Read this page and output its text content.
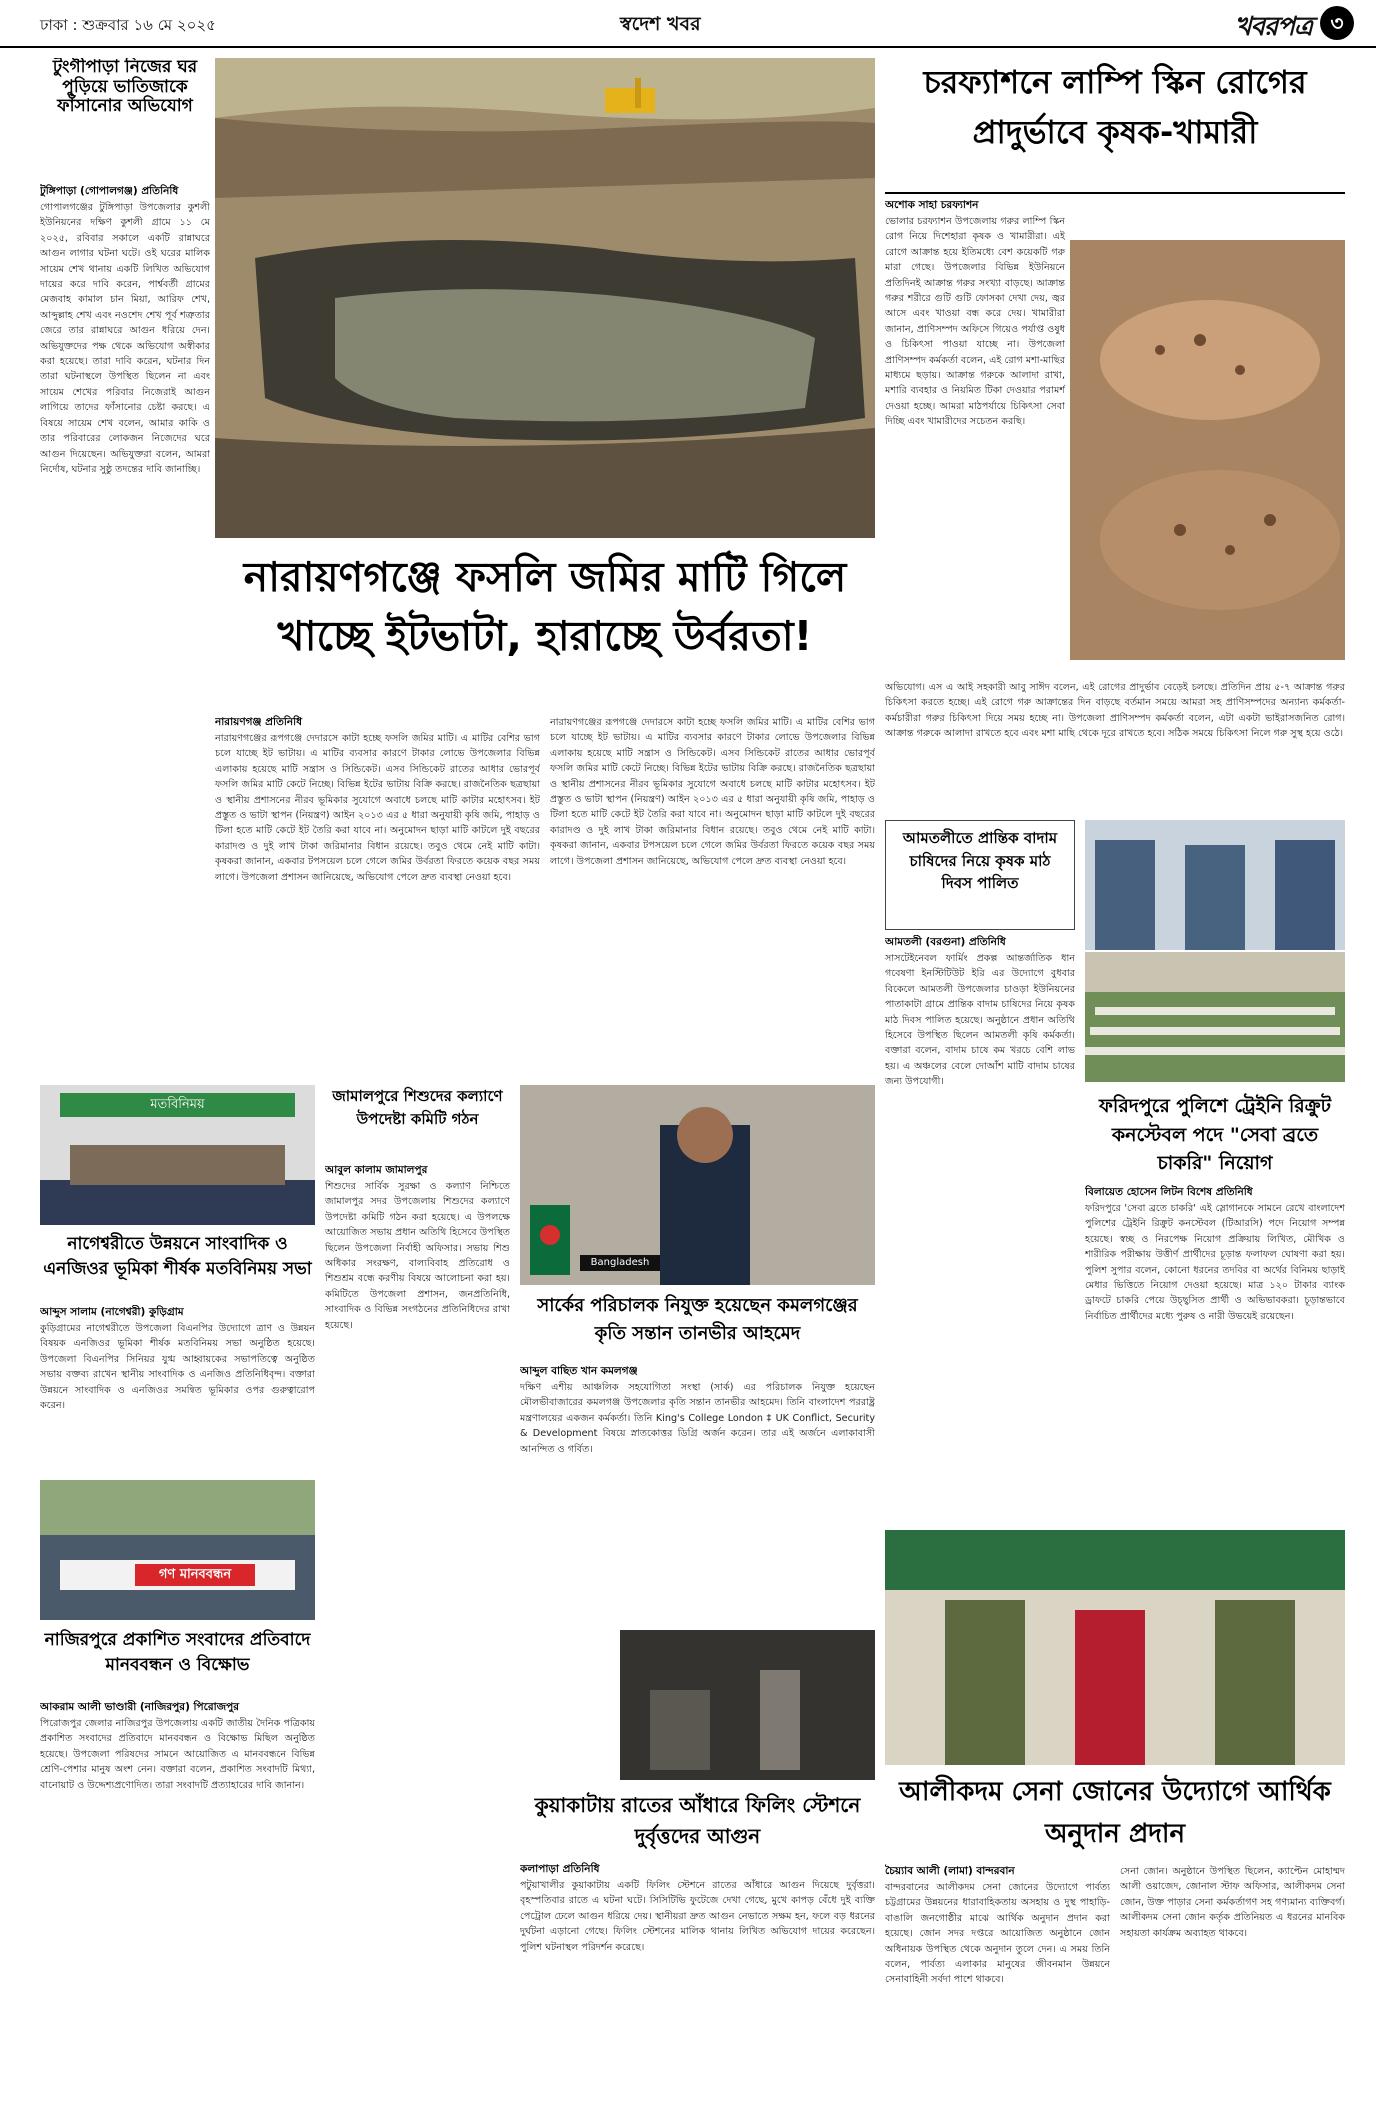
ঢাকা : শুক্রবার ১৬ মে ২০২৫	স্বদেশ খবর	খবরপত্র ৩
টুংগীপাড়া নিজের ঘর পুড়িয়ে ভাতিজাকে ফাঁসানোর অভিযোগ
টুঙ্গিপাড়া (গোপালগঞ্জ) প্রতিনিধি
গোপালগঞ্জের টুঙ্গিপাড়া উপজেলার কুশলী ইউনিয়নের দক্ষিণ কুশলী গ্রামে ১১ মে ২০২৫, রবিবার সকালে একটি রান্নাঘরে আগুন লাগার ঘটনা ঘটে। ওই ঘরের মালিক সায়েম শেখ থানায় একটি লিখিত অভিযোগ দায়ের করে দাবি করেন, পার্শ্ববর্তী গ্রামের মেজবাহ কামাল চান মিয়া, আরিফ শেখ, আব্দুল্লাহ শেখ এবং নওশেদ শেখ পূর্ব শত্রুতার জেরে তার রান্নাঘরে আগুন ধরিয়ে দেন। অভিযুক্তদের পক্ষ থেকে অভিযোগ অস্বীকার করা হয়েছে। তারা দাবি করেন, ঘটনার দিন তারা ঘটনাস্থলে উপস্থিত ছিলেন না এবং সায়েম শেখের পরিবার নিজেরাই আগুন লাগিয়ে তাদের ফাঁসানোর চেষ্টা করছে। এ বিষয়ে সায়েম শেখ বলেন, আমার কাকি ও তার পরিবারের লোকজন নিজেদের ঘরে আগুন দিয়েছেন। অভিযুক্তরা বলেন, আমরা নির্দোষ, ঘটনার সুষ্ঠু তদন্তের দাবি জানাচ্ছি।
নারায়ণগঞ্জে ফসলি জমির মাটি গিলে খাচ্ছে ইটভাটা, হারাচ্ছে উর্বরতা!
নারায়ণগঞ্জ প্রতিনিধি
নারায়ণগঞ্জের রূপগঞ্জে দেদারসে কাটা হচ্ছে ফসলি জমির মাটি। এ মাটির বেশির ভাগ চলে যাচ্ছে ইট ভাটায়। এ মাটির ব্যবসার কারণে টাকার লোভে উপজেলার বিভিন্ন এলাকায় হয়েছে মাটি সন্ত্রাস ও সিন্ডিকেট। এসব সিন্ডিকেট রাতের আধার ভোরপূর্ব ফসলি জমির মাটি কেটে নিচ্ছে। বিভিন্ন ইটের ভাটায় বিক্রি করছে। রাজনৈতিক ছত্রছায়া ও স্থানীয় প্রশাসনের নীরব ভূমিকার সুযোগে অবাধে চলছে মাটি কাটার মহোৎসব। ইট প্রস্তুত ও ভাটা স্থাপন (নিয়ন্ত্রণ) আইন ২০১৩ এর ৫ ধারা অনুযায়ী কৃষি জমি, পাহাড় ও টিলা হতে মাটি কেটে ইট তৈরি করা যাবে না। অনুমোদন ছাড়া মাটি কাটলে দুই বছরের কারাদণ্ড ও দুই লাখ টাকা জরিমানার বিধান রয়েছে। তবুও থেমে নেই মাটি কাটা। কৃষকরা জানান, একবার টপসয়েল চলে গেলে জমির উর্বরতা ফিরতে কয়েক বছর সময় লাগে। উপজেলা প্রশাসন জানিয়েছে, অভিযোগ পেলে দ্রুত ব্যবস্থা নেওয়া হবে।
নারায়ণগঞ্জের রূপগঞ্জে দেদারসে কাটা হচ্ছে ফসলি জমির মাটি। এ মাটির বেশির ভাগ চলে যাচ্ছে ইট ভাটায়। এ মাটির ব্যবসার কারণে টাকার লোভে উপজেলার বিভিন্ন এলাকায় হয়েছে মাটি সন্ত্রাস ও সিন্ডিকেট। এসব সিন্ডিকেট রাতের আধার ভোরপূর্ব ফসলি জমির মাটি কেটে নিচ্ছে। বিভিন্ন ইটের ভাটায় বিক্রি করছে। রাজনৈতিক ছত্রছায়া ও স্থানীয় প্রশাসনের নীরব ভূমিকার সুযোগে অবাধে চলছে মাটি কাটার মহোৎসব। ইট প্রস্তুত ও ভাটা স্থাপন (নিয়ন্ত্রণ) আইন ২০১৩ এর ৫ ধারা অনুযায়ী কৃষি জমি, পাহাড় ও টিলা হতে মাটি কেটে ইট তৈরি করা যাবে না। অনুমোদন ছাড়া মাটি কাটলে দুই বছরের কারাদণ্ড ও দুই লাখ টাকা জরিমানার বিধান রয়েছে। তবুও থেমে নেই মাটি কাটা। কৃষকরা জানান, একবার টপসয়েল চলে গেলে জমির উর্বরতা ফিরতে কয়েক বছর সময় লাগে। উপজেলা প্রশাসন জানিয়েছে, অভিযোগ পেলে দ্রুত ব্যবস্থা নেওয়া হবে।
চরফ্যাশনে লাম্পি স্কিন রোগের প্রাদুর্ভাবে কৃষক-খামারী
অশোক সাহা চরফ্যাশন
ভোলার চরফ্যাশন উপজেলায় গরুর লাম্পি স্কিন রোগ নিয়ে দিশেহারা কৃষক ও খামারীরা। এই রোগে আক্রান্ত হয়ে ইতিমধ্যে বেশ কয়েকটি গরু মারা গেছে। উপজেলার বিভিন্ন ইউনিয়নে প্রতিদিনই আক্রান্ত গরুর সংখ্যা বাড়ছে। আক্রান্ত গরুর শরীরে গুটি গুটি ফোসকা দেখা দেয়, জ্বর আসে এবং খাওয়া বন্ধ করে দেয়। খামারীরা জানান, প্রাণিসম্পদ অফিসে গিয়েও পর্যাপ্ত ওষুধ ও চিকিৎসা পাওয়া যাচ্ছে না। উপজেলা প্রাণিসম্পদ কর্মকর্তা বলেন, এই রোগ মশা-মাছির মাধ্যমে ছড়ায়। আক্রান্ত গরুকে আলাদা রাখা, মশারি ব্যবহার ও নিয়মিত টিকা দেওয়ার পরামর্শ দেওয়া হচ্ছে। আমরা মাঠপর্যায়ে চিকিৎসা সেবা দিচ্ছি এবং খামারীদের সচেতন করছি।
অভিযোগ। এস এ আই সহকারী আবু সাঈদ বলেন, এই রোগের প্রাদুর্ভাব বেড়েই চলছে। প্রতিদিন প্রায় ৫-৭ আক্রান্ত গরুর চিকিৎসা করতে হচ্ছে। এই রোগে গরু আক্রান্তের দিন বাড়ছে বর্তমান সময়ে আমরা সহ প্রাণিসম্পদের অন্যান্য কর্মকর্তা-কর্মচারীরা গরুর চিকিৎসা দিয়ে সময় হচ্ছে না। উপজেলা প্রাণিসম্পদ কর্মকর্তা বলেন, এটা একটা ভাইরাসজনিত রোগ। আক্রান্ত গরুকে আলাদা রাখতে হবে এবং মশা মাছি থেকে দূরে রাখতে হবে। সঠিক সময়ে চিকিৎসা নিলে গরু সুস্থ হয়ে ওঠে।
আমতলীতে প্রান্তিক বাদাম চাষিদের নিয়ে কৃষক মাঠ দিবস পালিত
আমতলী (বরগুনা) প্রতিনিধি
সাসটেইনেবল ফার্মিং প্রকল্প আন্তর্জাতিক ধান গবেষণা ইনস্টিটিউট ইরি এর উদ্যোগে বুধবার বিকেলে আমতলী উপজেলার চাওড়া ইউনিয়নের পাতাকাটা গ্রামে প্রান্তিক বাদাম চাষিদের নিয়ে কৃষক মাঠ দিবস পালিত হয়েছে। অনুষ্ঠানে প্রধান অতিথি হিসেবে উপস্থিত ছিলেন আমতলী কৃষি কর্মকর্তা। বক্তারা বলেন, বাদাম চাষে কম খরচে বেশি লাভ হয়। এ অঞ্চলের বেলে দোআঁশ মাটি বাদাম চাষের জন্য উপযোগী।
ফরিদপুরে পুলিশে ট্রেইনি রিক্রুট কনস্টেবল পদে "সেবা ব্রতে চাকরি" নিয়োগ
বিলায়েত হোসেন লিটন বিশেষ প্রতিনিধি
ফরিদপুরে 'সেবা ব্রতে চাকরি' এই স্লোগানকে সামনে রেখে বাংলাদেশ পুলিশের ট্রেইনি রিক্রুট কনস্টেবল (টিআরসি) পদে নিয়োগ সম্পন্ন হয়েছে। স্বচ্ছ ও নিরপেক্ষ নিয়োগ প্রক্রিয়ায় লিখিত, মৌখিক ও শারীরিক পরীক্ষায় উত্তীর্ণ প্রার্থীদের চূড়ান্ত ফলাফল ঘোষণা করা হয়। পুলিশ সুপার বলেন, কোনো ধরনের তদবির বা অর্থের বিনিময় ছাড়াই মেধার ভিত্তিতে নিয়োগ দেওয়া হয়েছে। মাত্র ১২০ টাকার ব্যাংক ড্রাফটে চাকরি পেয়ে উচ্ছ্বসিত প্রার্থী ও অভিভাবকরা। চূড়ান্তভাবে নির্বাচিত প্রার্থীদের মধ্যে পুরুষ ও নারী উভয়েই রয়েছেন।
মতবিনিময়
নাগেশ্বরীতে উন্নয়নে সাংবাদিক ও এনজিওর ভূমিকা শীর্ষক মতবিনিময় সভা
আব্দুস সালাম (নাগেশ্বরী) কুড়িগ্রাম
কুড়িগ্রামের নাগেশ্বরীতে উপজেলা বিএনপির উদ্যোগে ত্রাণ ও উন্নয়ন বিষয়ক এনজিওর ভূমিকা শীর্ষক মতবিনিময় সভা অনুষ্ঠিত হয়েছে। উপজেলা বিএনপির সিনিয়র যুগ্ম আহ্বায়কের সভাপতিত্বে অনুষ্ঠিত সভায় বক্তব্য রাখেন স্থানীয় সাংবাদিক ও এনজিও প্রতিনিধিবৃন্দ। বক্তারা উন্নয়নে সাংবাদিক ও এনজিওর সমন্বিত ভূমিকার ওপর গুরুত্বারোপ করেন।
জামালপুরে শিশুদের কল্যাণে উপদেষ্টা কমিটি গঠন
আবুল কালাম জামালপুর
শিশুদের সার্বিক সুরক্ষা ও কল্যাণ নিশ্চিতে জামালপুর সদর উপজেলায় শিশুদের কল্যাণে উপদেষ্টা কমিটি গঠন করা হয়েছে। এ উপলক্ষে আয়োজিত সভায় প্রধান অতিথি হিসেবে উপস্থিত ছিলেন উপজেলা নির্বাহী অফিসার। সভায় শিশু অধিকার সংরক্ষণ, বাল্যবিবাহ প্রতিরোধ ও শিশুশ্রম বন্ধে করণীয় বিষয়ে আলোচনা করা হয়। কমিটিতে উপজেলা প্রশাসন, জনপ্রতিনিধি, সাংবাদিক ও বিভিন্ন সংগঠনের প্রতিনিধিদের রাখা হয়েছে।
গণ মানববন্ধন
নাজিরপুরে প্রকাশিত সংবাদের প্রতিবাদে মানববন্ধন ও বিক্ষোভ
আকরাম আলী ভাণ্ডারী (নাজিরপুর) পিরোজপুর
পিরোজপুর জেলার নাজিরপুর উপজেলায় একটি জাতীয় দৈনিক পত্রিকায় প্রকাশিত সংবাদের প্রতিবাদে মানববন্ধন ও বিক্ষোভ মিছিল অনুষ্ঠিত হয়েছে। উপজেলা পরিষদের সামনে আয়োজিত এ মানববন্ধনে বিভিন্ন শ্রেণি-পেশার মানুষ অংশ নেন। বক্তারা বলেন, প্রকাশিত সংবাদটি মিথ্যা, বানোয়াট ও উদ্দেশ্যপ্রণোদিত। তারা সংবাদটি প্রত্যাহারের দাবি জানান।
Bangladesh
সার্কের পরিচালক নিযুক্ত হয়েছেন কমলগঞ্জের কৃতি সন্তান তানভীর আহমেদ
আব্দুল বাছিত খান কমলগঞ্জ
দক্ষিণ এশীয় আঞ্চলিক সহযোগিতা সংস্থা (সার্ক) এর পরিচালক নিযুক্ত হয়েছেন মৌলভীবাজারের কমলগঞ্জ উপজেলার কৃতি সন্তান তানভীর আহমেদ। তিনি বাংলাদেশ পররাষ্ট্র মন্ত্রণালয়ের একজন কর্মকর্তা। তিনি King's College London ‡ UK Conflict, Security & Development বিষয়ে স্নাতকোত্তর ডিগ্রি অর্জন করেন। তার এই অর্জনে এলাকাবাসী আনন্দিত ও গর্বিত।
কুয়াকাটায় রাতের আঁধারে ফিলিং স্টেশনে দুর্বৃত্তদের আগুন
কলাপাড়া প্রতিনিধি
পটুয়াখালীর কুয়াকাটায় একটি ফিলিং স্টেশনে রাতের আঁধারে আগুন দিয়েছে দুর্বৃত্তরা। বৃহস্পতিবার রাতে এ ঘটনা ঘটে। সিসিটিভি ফুটেজে দেখা গেছে, মুখে কাপড় বেঁধে দুই ব্যক্তি পেট্রোল ঢেলে আগুন ধরিয়ে দেয়। স্থানীয়রা দ্রুত আগুন নেভাতে সক্ষম হন, ফলে বড় ধরনের দুর্ঘটনা এড়ানো গেছে। ফিলিং স্টেশনের মালিক থানায় লিখিত অভিযোগ দায়ের করেছেন। পুলিশ ঘটনাস্থল পরিদর্শন করেছে।
আলীকদম সেনা জোনের উদ্যোগে আর্থিক অনুদান প্রদান
চৈয়্যাব আলী (লামা) বান্দরবান
বান্দরবানের আলীকদম সেনা জোনের উদ্যোগে পার্বত্য চট্টগ্রামের উন্নয়নের ধারাবাহিকতায় অসহায় ও দুস্থ পাহাড়ি-বাঙালি জনগোষ্ঠীর মাঝে আর্থিক অনুদান প্রদান করা হয়েছে। জোন সদর দপ্তরে আয়োজিত অনুষ্ঠানে জোন অধিনায়ক উপস্থিত থেকে অনুদান তুলে দেন। এ সময় তিনি বলেন, পার্বত্য এলাকার মানুষের জীবনমান উন্নয়নে সেনাবাহিনী সর্বদা পাশে থাকবে।
সেনা জোন। অনুষ্ঠানে উপস্থিত ছিলেন, ক্যাপ্টেন মোহাম্মদ আলী ওয়াজেদ, জোনাল স্টাফ অফিসার, আলীকদম সেনা জোন, উক্ত পাড়ার সেনা কর্মকর্তাগণ সহ গণ্যমান্য ব্যক্তিবর্গ। আলীকদম সেনা জোন কর্তৃক প্রতিনিয়ত এ ধরনের মানবিক সহায়তা কার্যক্রম অব্যাহত থাকবে।
